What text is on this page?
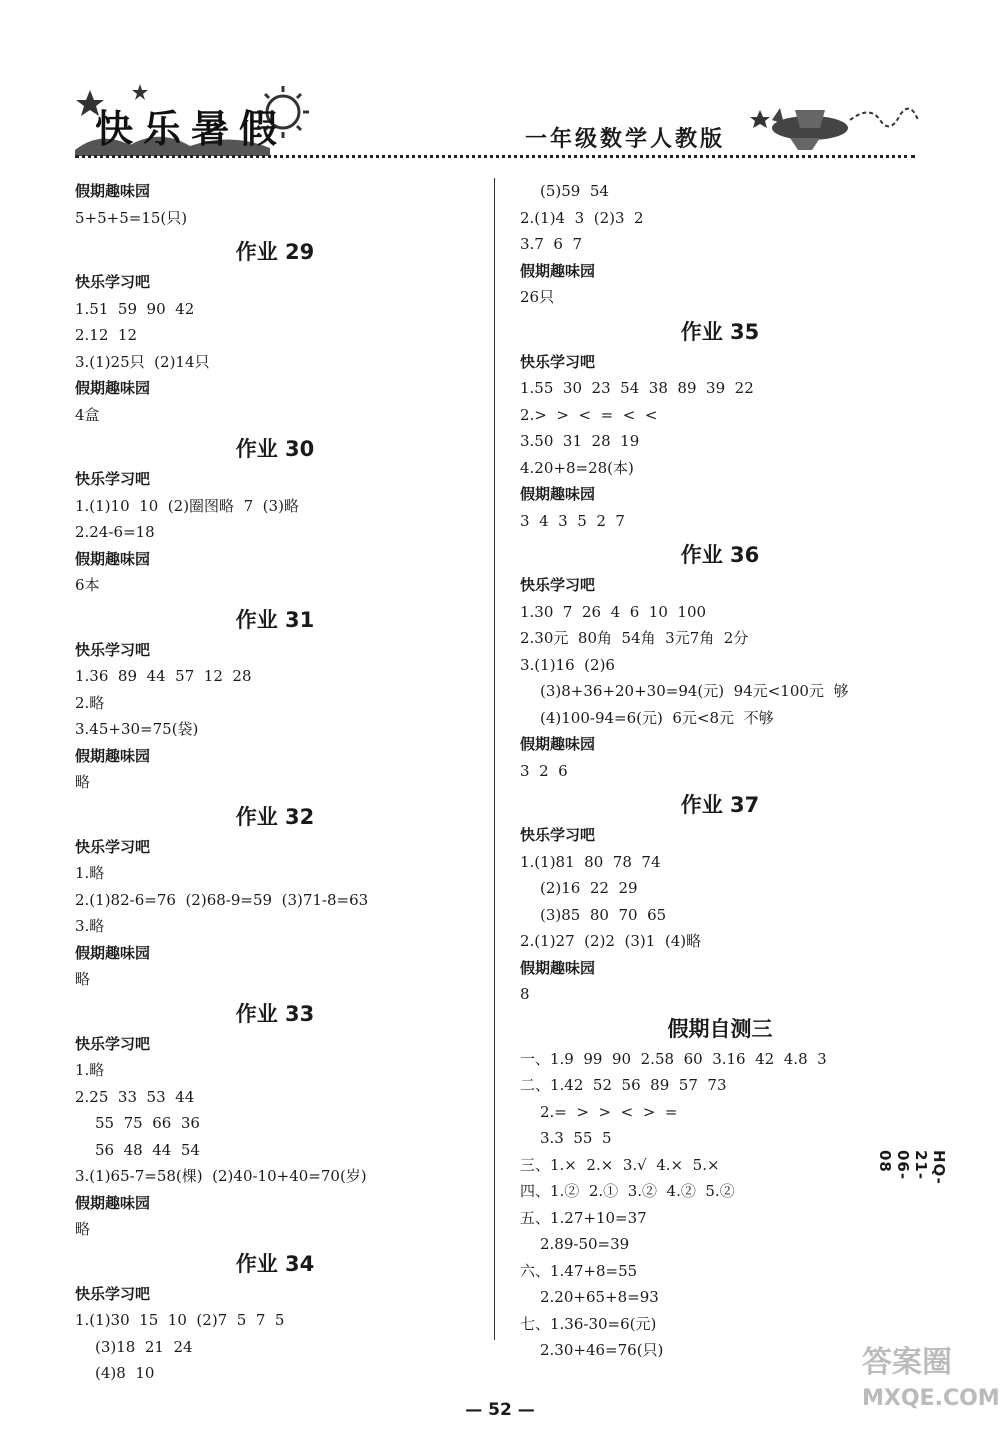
快乐暑假	一年级数学人教版
假期趣味园
5+5+5=15(只)
作业 29
快乐学习吧
1.51  59  90  42
2.12  12
3.(1)25只  (2)14只
假期趣味园
4盒
作业 30
快乐学习吧
1.(1)10  10  (2)圈图略  7  (3)略
2.24-6=18
假期趣味园
6本
作业 31
快乐学习吧
1.36  89  44  57  12  28
2.略
3.45+30=75(袋)
假期趣味园
略
作业 32
快乐学习吧
1.略
2.(1)82-6=76  (2)68-9=59  (3)71-8=63
3.略
假期趣味园
略
作业 33
快乐学习吧
1.略
2.25  33  53  44
55  75  66  36
56  48  44  54
3.(1)65-7=58(棵)  (2)40-10+40=70(岁)
假期趣味园
略
作业 34
快乐学习吧
1.(1)30  15  10  (2)7  5  7  5
(3)18  21  24
(4)8  10
(5)59  54
2.(1)4  3  (2)3  2
3.7  6  7
假期趣味园
26只
作业 35
快乐学习吧
1.55  30  23  54  38  89  39  22
2.>  >  <  =  <  <
3.50  31  28  19
4.20+8=28(本)
假期趣味园
3  4  3  5  2  7
作业 36
快乐学习吧
1.30  7  26  4  6  10  100
2.30元  80角  54角  3元7角  2分
3.(1)16  (2)6
(3)8+36+20+30=94(元)  94元<100元  够
(4)100-94=6(元)  6元<8元  不够
假期趣味园
3  2  6
作业 37
快乐学习吧
1.(1)81  80  78  74
(2)16  22  29
(3)85  80  70  65
2.(1)27  (2)2  (3)1  (4)略
假期趣味园
8
假期自测三
一、1.9  99  90  2.58  60  3.16  42  4.8  3
二、1.42  52  56  89  57  73
2.=  >  >  <  >  =
3.3  55  5
三、1.×  2.×  3.√  4.×  5.×
四、1.②  2.①  3.②  4.②  5.②
五、1.27+10=37
2.89-50=39
六、1.47+8=55
2.20+65+8=93
七、1.36-30=6(元)
2.30+46=76(只)
— 52 —
HQ-21-06-08
答案圈
MXQE.COM
